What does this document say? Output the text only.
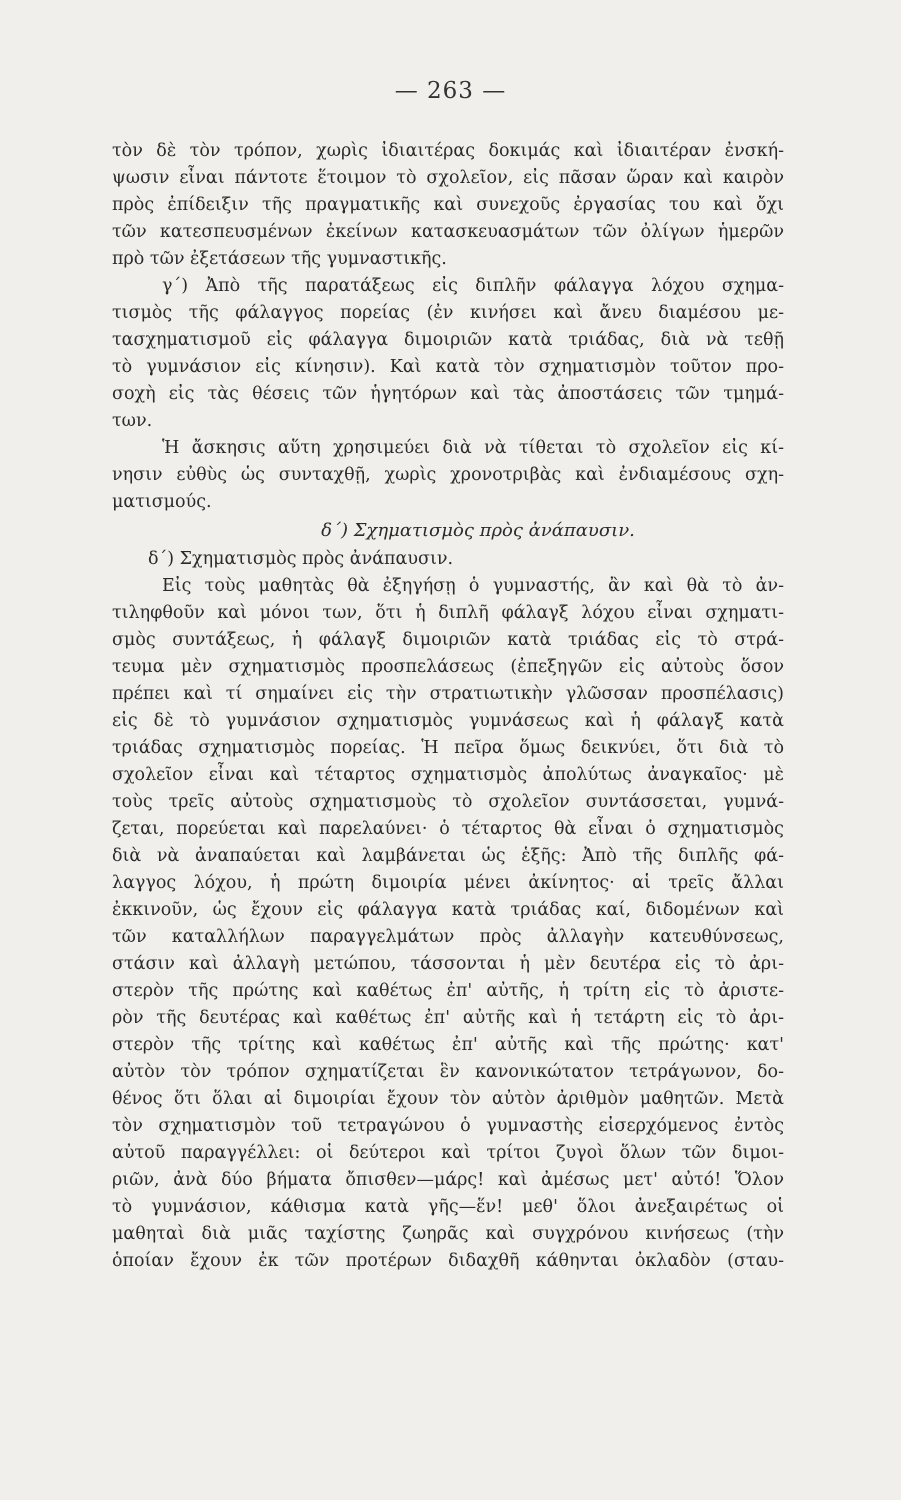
— 263 —
τὸν δὲ τὸν τρόπον, χωρὶς ἰδιαιτέρας δοκιμάς καὶ ἰδιαιτέραν ἐνσκή-
ψωσιν εἶναι πάντοτε ἕτοιμον τὸ σχολεῖον, εἰς πᾶσαν ὥραν καὶ καιρὸν
πρὸς ἐπίδειξιν τῆς πραγματικῆς καὶ συνεχοῦς ἐργασίας του καὶ ὄχι
τῶν κατεσπευσμένων ἐκείνων κατασκευασμάτων τῶν ὀλίγων ἡμερῶν
πρὸ τῶν ἐξετάσεων τῆς γυμναστικῆς.
γ΄) Ἀπὸ τῆς παρατάξεως εἰς διπλῆν φάλαγγα λόχου σχημα-
τισμὸς τῆς φάλαγγος πορείας (ἐν κινήσει καὶ ἄνευ διαμέσου με-
τασχηματισμοῦ εἰς φάλαγγα διμοιριῶν κατὰ τριάδας, διὰ νὰ τεθῇ
τὸ γυμνάσιον εἰς κίνησιν). Καὶ κατὰ τὸν σχηματισμὸν τοῦτον προ-
σοχὴ εἰς τὰς θέσεις τῶν ἡγητόρων καὶ τὰς ἀποστάσεις τῶν τμημά-
των.
Ἡ ἄσκησις αὕτη χρησιμεύει διὰ νὰ τίθεται τὸ σχολεῖον εἰς κί-
νησιν εὐθὺς ὡς συνταχθῇ, χωρὶς χρονοτριβὰς καὶ ἐνδιαμέσους σχη-
ματισμούς.
δ΄) Σχηματισμὸς πρὸς ἀνάπαυσιν.
δ΄) Σχηματισμὸς πρὸς ἀνάπαυσιν.
Εἰς τοὺς μαθητὰς θὰ ἐξηγήσῃ ὁ γυμναστής, ἂν καὶ θὰ τὸ ἀν-
τιληφθοῦν καὶ μόνοι των, ὅτι ἡ διπλῆ φάλαγξ λόχου εἶναι σχηματι-
σμὸς συντάξεως, ἡ φάλαγξ διμοιριῶν κατὰ τριάδας εἰς τὸ στρά-
τευμα μὲν σχηματισμὸς προσπελάσεως (ἐπεξηγῶν εἰς αὐτοὺς ὅσον
πρέπει καὶ τί σημαίνει εἰς τὴν στρατιωτικὴν γλῶσσαν προσπέλασις)
εἰς δὲ τὸ γυμνάσιον σχηματισμὸς γυμνάσεως καὶ ἡ φάλαγξ κατὰ
τριάδας σχηματισμὸς πορείας. Ἡ πεῖρα ὅμως δεικνύει, ὅτι διὰ τὸ
σχολεῖον εἶναι καὶ τέταρτος σχηματισμὸς ἀπολύτως ἀναγκαῖος· μὲ
τοὺς τρεῖς αὐτοὺς σχηματισμοὺς τὸ σχολεῖον συντάσσεται, γυμνά-
ζεται, πορεύεται καὶ παρελαύνει· ὁ τέταρτος θὰ εἶναι ὁ σχηματισμὸς
διὰ νὰ ἀναπαύεται καὶ λαμβάνεται ὡς ἑξῆς: Ἀπὸ τῆς διπλῆς φά-
λαγγος λόχου, ἡ πρώτη διμοιρία μένει ἀκίνητος· αἱ τρεῖς ἄλλαι
ἐκκινοῦν, ὡς ἔχουν εἰς φάλαγγα κατὰ τριάδας καί, διδομένων καὶ
τῶν καταλλήλων παραγγελμάτων πρὸς ἀλλαγὴν κατευθύνσεως,
στάσιν καὶ ἀλλαγὴ μετώπου, τάσσονται ἡ μὲν δευτέρα εἰς τὸ ἀρι-
στερὸν τῆς πρώτης καὶ καθέτως ἐπ' αὐτῆς, ἡ τρίτη εἰς τὸ ἀριστε-
ρὸν τῆς δευτέρας καὶ καθέτως ἐπ' αὐτῆς καὶ ἡ τετάρτη εἰς τὸ ἀρι-
στερὸν τῆς τρίτης καὶ καθέτως ἐπ' αὐτῆς καὶ τῆς πρώτης· κατ'
αὐτὸν τὸν τρόπον σχηματίζεται ἓν κανονικώτατον τετράγωνον, δο-
θένος ὅτι ὅλαι αἱ διμοιρίαι ἔχουν τὸν αὐτὸν ἀριθμὸν μαθητῶν. Μετὰ
τὸν σχηματισμὸν τοῦ τετραγώνου ὁ γυμναστὴς εἰσερχόμενος ἐντὸς
αὐτοῦ παραγγέλλει: οἱ δεύτεροι καὶ τρίτοι ζυγοὶ ὅλων τῶν διμοι-
ριῶν, ἀνὰ δύο βήματα ὄπισθεν—μάρς! καὶ ἀμέσως μετ' αὐτό! Ὅλον
τὸ γυμνάσιον, κάθισμα κατὰ γῆς—ἕν! μεθ' ὅλοι ἀνεξαιρέτως οἱ
μαθηταὶ διὰ μιᾶς ταχίστης ζωηρᾶς καὶ συγχρόνου κινήσεως (τὴν
ὁποίαν ἔχουν ἐκ τῶν προτέρων διδαχθῆ κάθηνται ὀκλαδὸν (σταυ-
